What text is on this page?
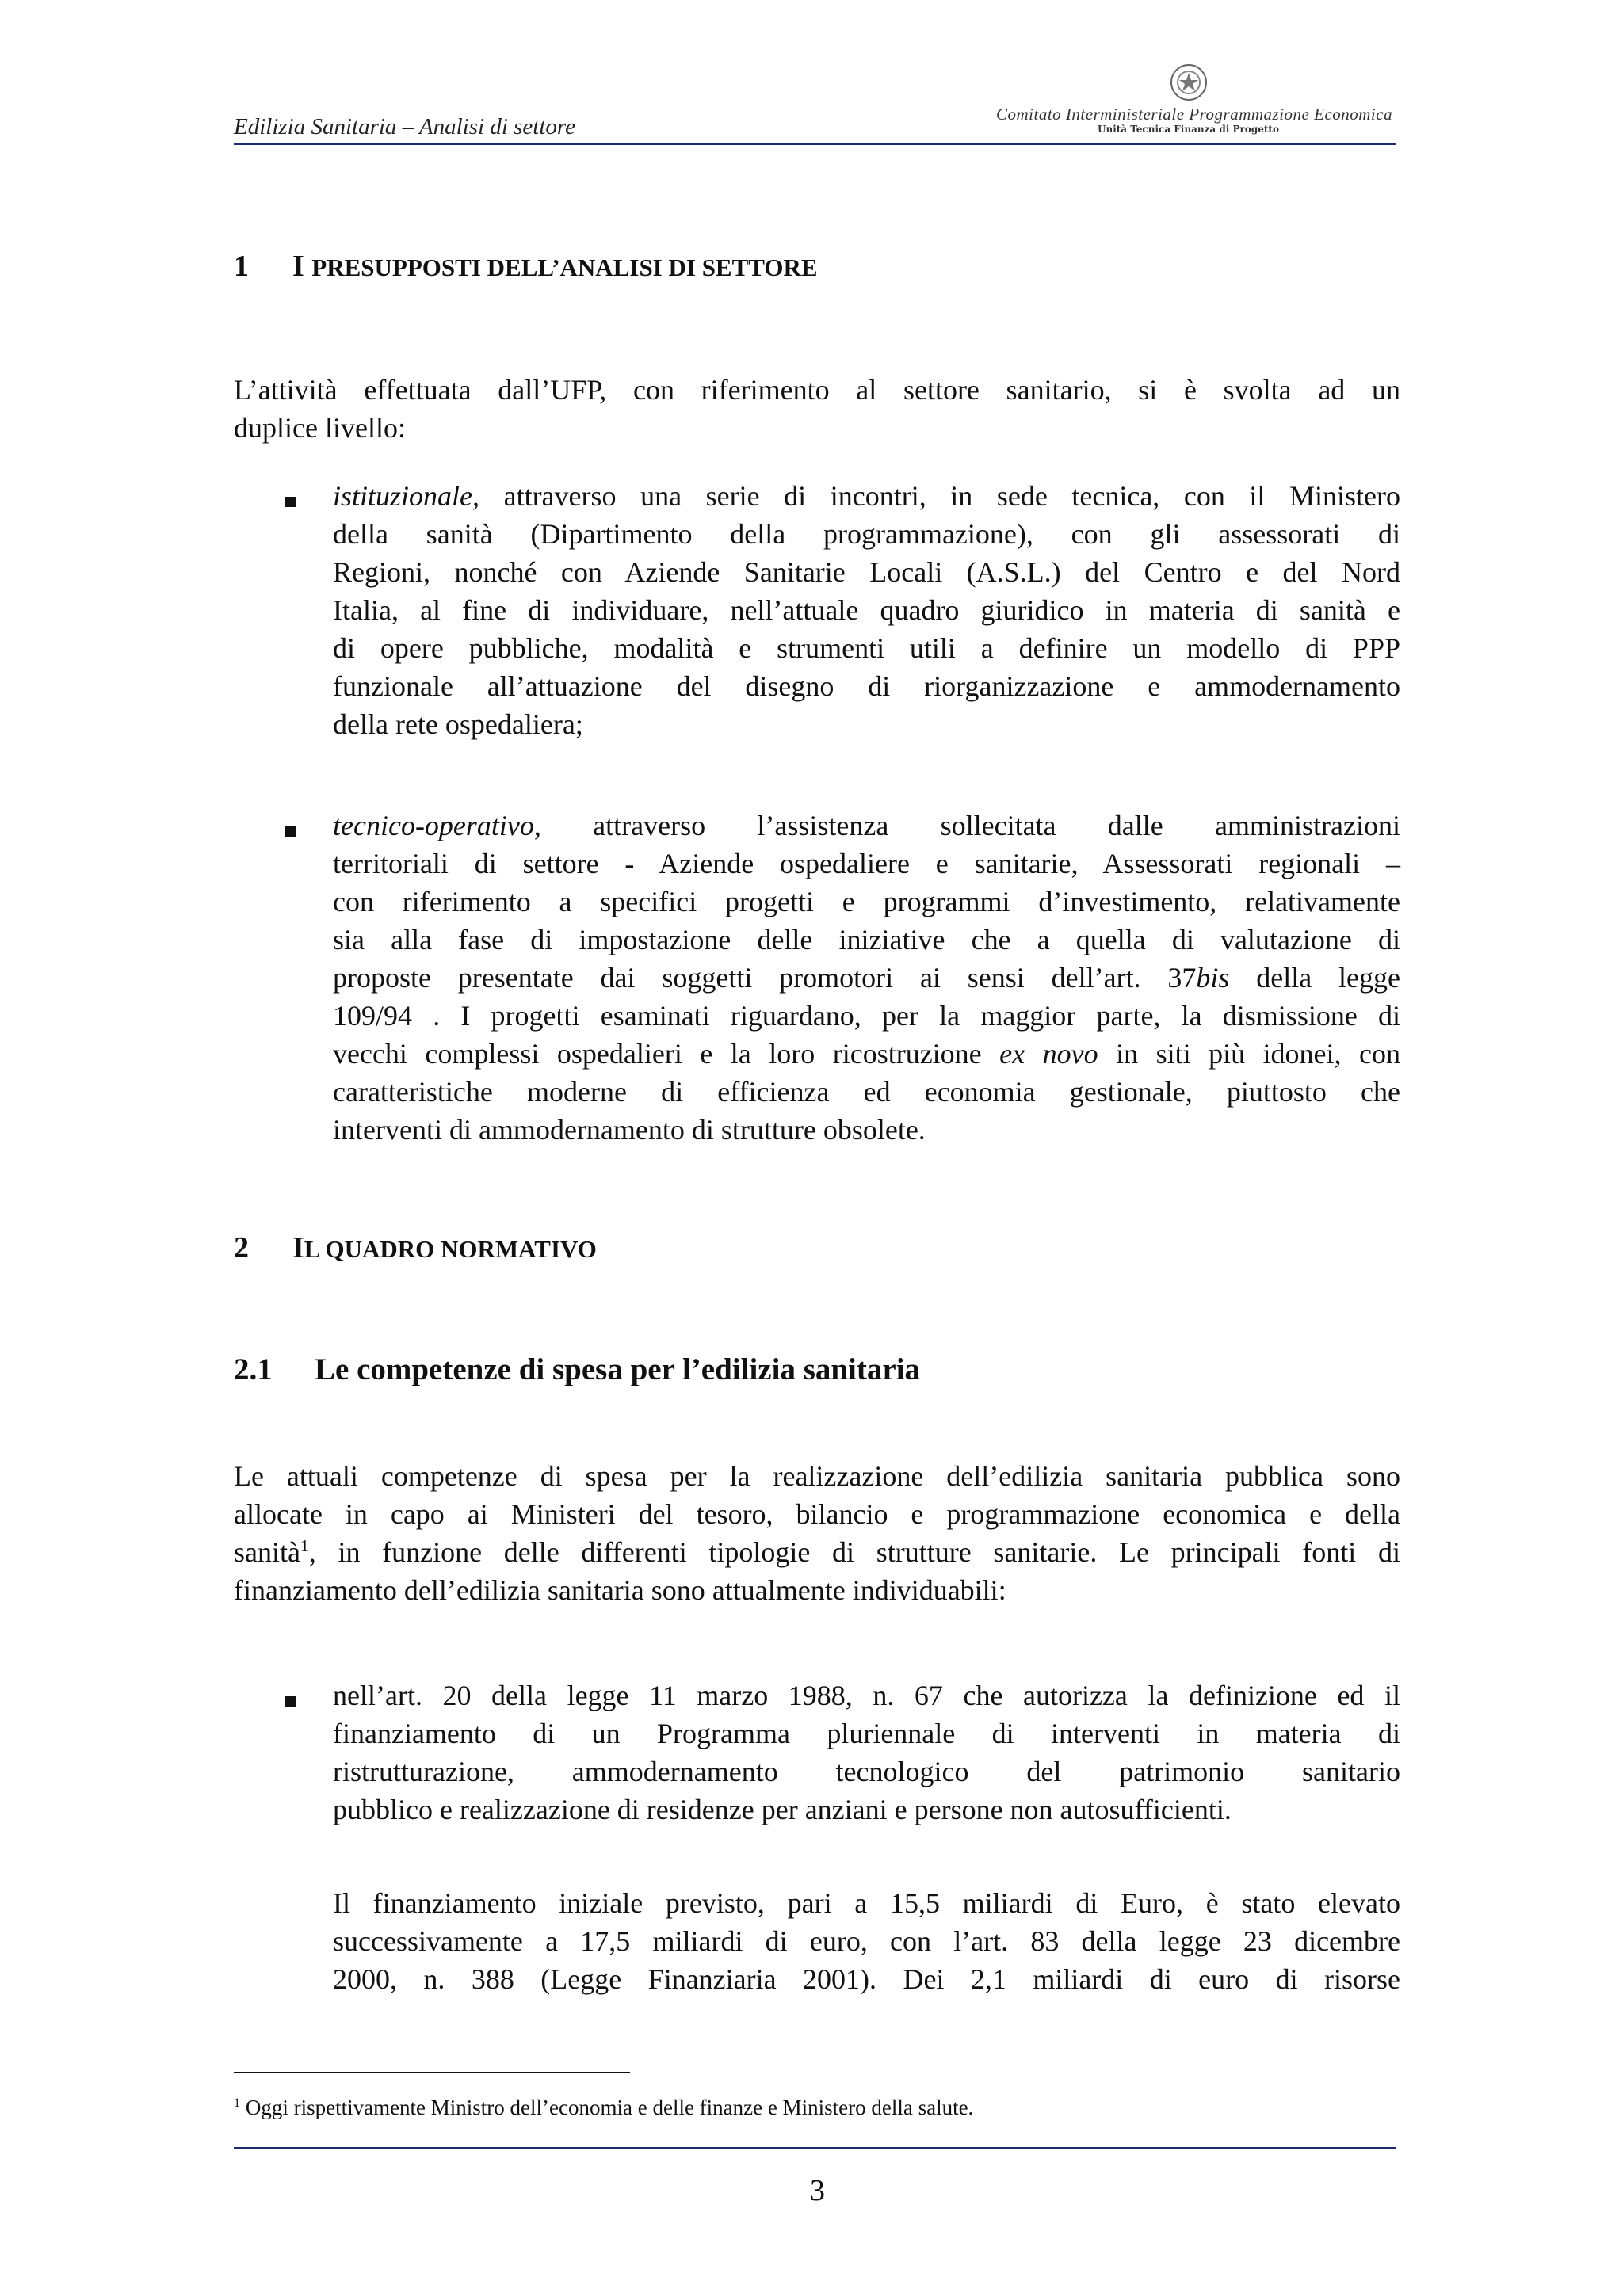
Edilizia Sanitaria – Analisi di settore	Comitato Interministeriale Programmazione Economica
Unità Tecnica Finanza di Progetto
1 I PRESUPPOSTI DELL’ANALISI DI SETTORE
L’attività effettuata dall’UFP, con riferimento al settore sanitario, si è svolta ad un
duplice livello:
istituzionale, attraverso una serie di incontri, in sede tecnica, con il Ministero
della sanità (Dipartimento della programmazione), con gli assessorati di
Regioni, nonché con Aziende Sanitarie Locali (A.S.L.) del Centro e del Nord
Italia, al fine di individuare, nell’attuale quadro giuridico in materia di sanità e
di opere pubbliche, modalità e strumenti utili a definire un modello di PPP
funzionale all’attuazione del disegno di riorganizzazione e ammodernamento
della rete ospedaliera;
tecnico-operativo, attraverso l’assistenza sollecitata dalle amministrazioni
territoriali di settore - Aziende ospedaliere e sanitarie, Assessorati regionali –
con riferimento a specifici progetti e programmi d’investimento, relativamente
sia alla fase di impostazione delle iniziative che a quella di valutazione di
proposte presentate dai soggetti promotori ai sensi dell’art. 37bis della legge
109/94 . I progetti esaminati riguardano, per la maggior parte, la dismissione di
vecchi complessi ospedalieri e la loro ricostruzione ex novo in siti più idonei, con
caratteristiche moderne di efficienza ed economia gestionale, piuttosto che
interventi di ammodernamento di strutture obsolete.
2 IL QUADRO NORMATIVO
2.1 Le competenze di spesa per l’edilizia sanitaria
Le attuali competenze di spesa per la realizzazione dell’edilizia sanitaria pubblica sono
allocate in capo ai Ministeri del tesoro, bilancio e programmazione economica e della
sanità$^1$, in funzione delle differenti tipologie di strutture sanitarie. Le principali fonti di
finanziamento dell’edilizia sanitaria sono attualmente individuabili:
nell’art. 20 della legge 11 marzo 1988, n. 67 che autorizza la definizione ed il
finanziamento di un Programma pluriennale di interventi in materia di
ristrutturazione, ammodernamento tecnologico del patrimonio sanitario
pubblico e realizzazione di residenze per anziani e persone non autosufficienti.
Il finanziamento iniziale previsto, pari a 15,5 miliardi di Euro, è stato elevato
successivamente a 17,5 miliardi di euro, con l’art. 83 della legge 23 dicembre
2000, n. 388 (Legge Finanziaria 2001). Dei 2,1 miliardi di euro di risorse
$^1$ Oggi rispettivamente Ministro dell’economia e delle finanze e Ministero della salute.
3
